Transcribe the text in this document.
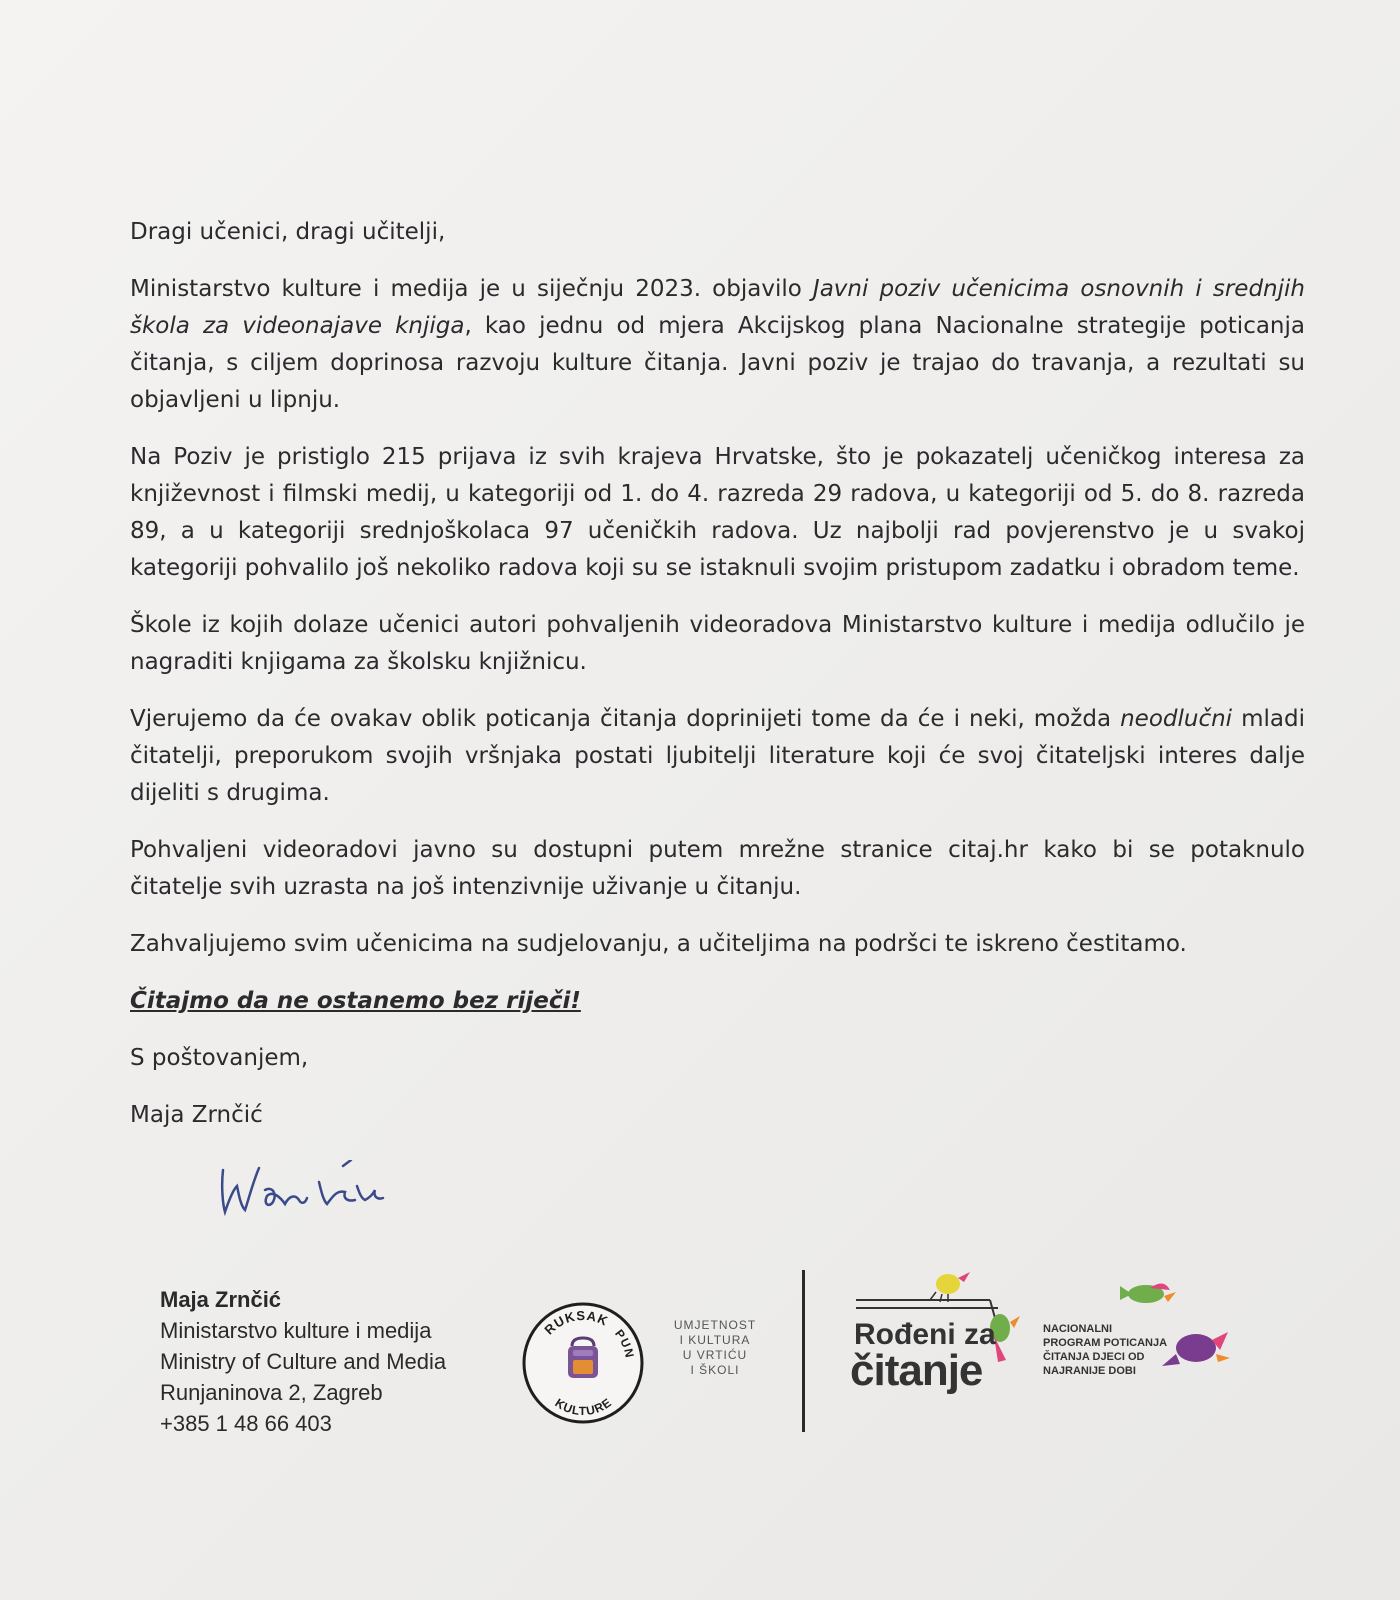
Dragi učenici, dragi učitelji,

Ministarstvo kulture i medija je u siječnju 2023. objavilo Javni poziv učenicima osnovnih i srednjih škola za videonajave knjiga, kao jednu od mjera Akcijskog plana Nacionalne strategije poticanja čitanja, s ciljem doprinosa razvoju kulture čitanja. Javni poziv je trajao do travanja, a rezultati su objavljeni u lipnju.

Na Poziv je pristiglo 215 prijava iz svih krajeva Hrvatske, što je pokazatelj učeničkog interesa za književnost i filmski medij, u kategoriji od 1. do 4. razreda 29 radova, u kategoriji od 5. do 8. razreda 89, a u kategoriji srednjoškolaca 97 učeničkih radova. Uz najbolji rad povjerenstvo je u svakoj kategoriji pohvalilo još nekoliko radova koji su se istaknuli svojim pristupom zadatku i obradom teme.

Škole iz kojih dolaze učenici autori pohvaljenih videoradova Ministarstvo kulture i medija odlučilo je nagraditi knjigama za školsku knjižnicu.

Vjerujemo da će ovakav oblik poticanja čitanja doprinijeti tome da će i neki, možda neodlučni mladi čitatelji, preporukom svojih vršnjaka postati ljubitelji literature koji će svoj čitateljski interes dalje dijeliti s drugima.

Pohvaljeni videoradovi javno su dostupni putem mrežne stranice citaj.hr kako bi se potaknulo čitatelje svih uzrasta na još intenzivnije uživanje u čitanju.

Zahvaljujemo svim učenicima na sudjelovanju, a učiteljima na podršci te iskreno čestitamo.

Čitajmo da ne ostanemo bez riječi!

S poštovanjem,

Maja Zrnčić

Maja Zrnčić
Ministarstvo kulture i medija
Ministry of Culture and Media
Runjaninova 2, Zagreb
+385 1 48 66 403
RUKSAK
PUN
KULTURE
UMJETNOST
I KULTURA
U VRTIĆU
I ŠKOLI
Rođeni za
čitanje
NACIONALNI
PROGRAM POTICANJA
ČITANJA DJECI OD
NAJRANIJE DOBI
